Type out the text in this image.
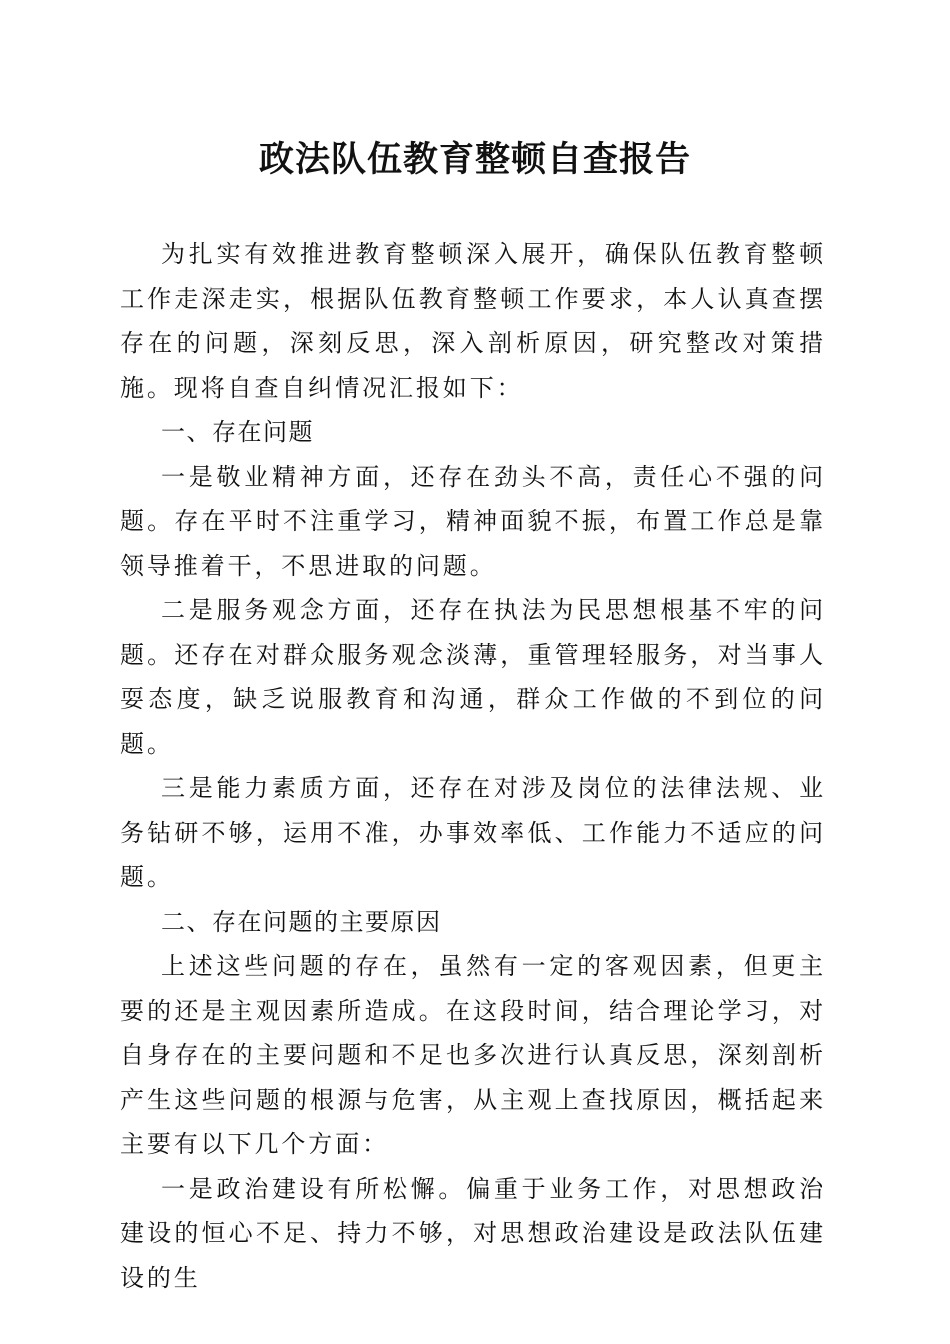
政法队伍教育整顿自查报告

为扎实有效推进教育整顿深入展开，确保队伍教育整顿工作走深走实，根据队伍教育整顿工作要求，本人认真查摆存在的问题，深刻反思，深入剖析原因，研究整改对策措施。现将自查自纠情况汇报如下：

一、存在问题

一是敬业精神方面，还存在劲头不高，责任心不强的问题。存在平时不注重学习，精神面貌不振，布置工作总是靠领导推着干，不思进取的问题。

二是服务观念方面，还存在执法为民思想根基不牢的问题。还存在对群众服务观念淡薄，重管理轻服务，对当事人耍态度，缺乏说服教育和沟通，群众工作做的不到位的问题。

三是能力素质方面，还存在对涉及岗位的法律法规、业务钻研不够，运用不准，办事效率低、工作能力不适应的问题。

二、存在问题的主要原因

上述这些问题的存在，虽然有一定的客观因素，但更主要的还是主观因素所造成。在这段时间，结合理论学习，对自身存在的主要问题和不足也多次进行认真反思，深刻剖析产生这些问题的根源与危害，从主观上查找原因，概括起来主要有以下几个方面：

一是政治建设有所松懈。偏重于业务工作，对思想政治建设的恒心不足、持力不够，对思想政治建设是政法队伍建设的生
